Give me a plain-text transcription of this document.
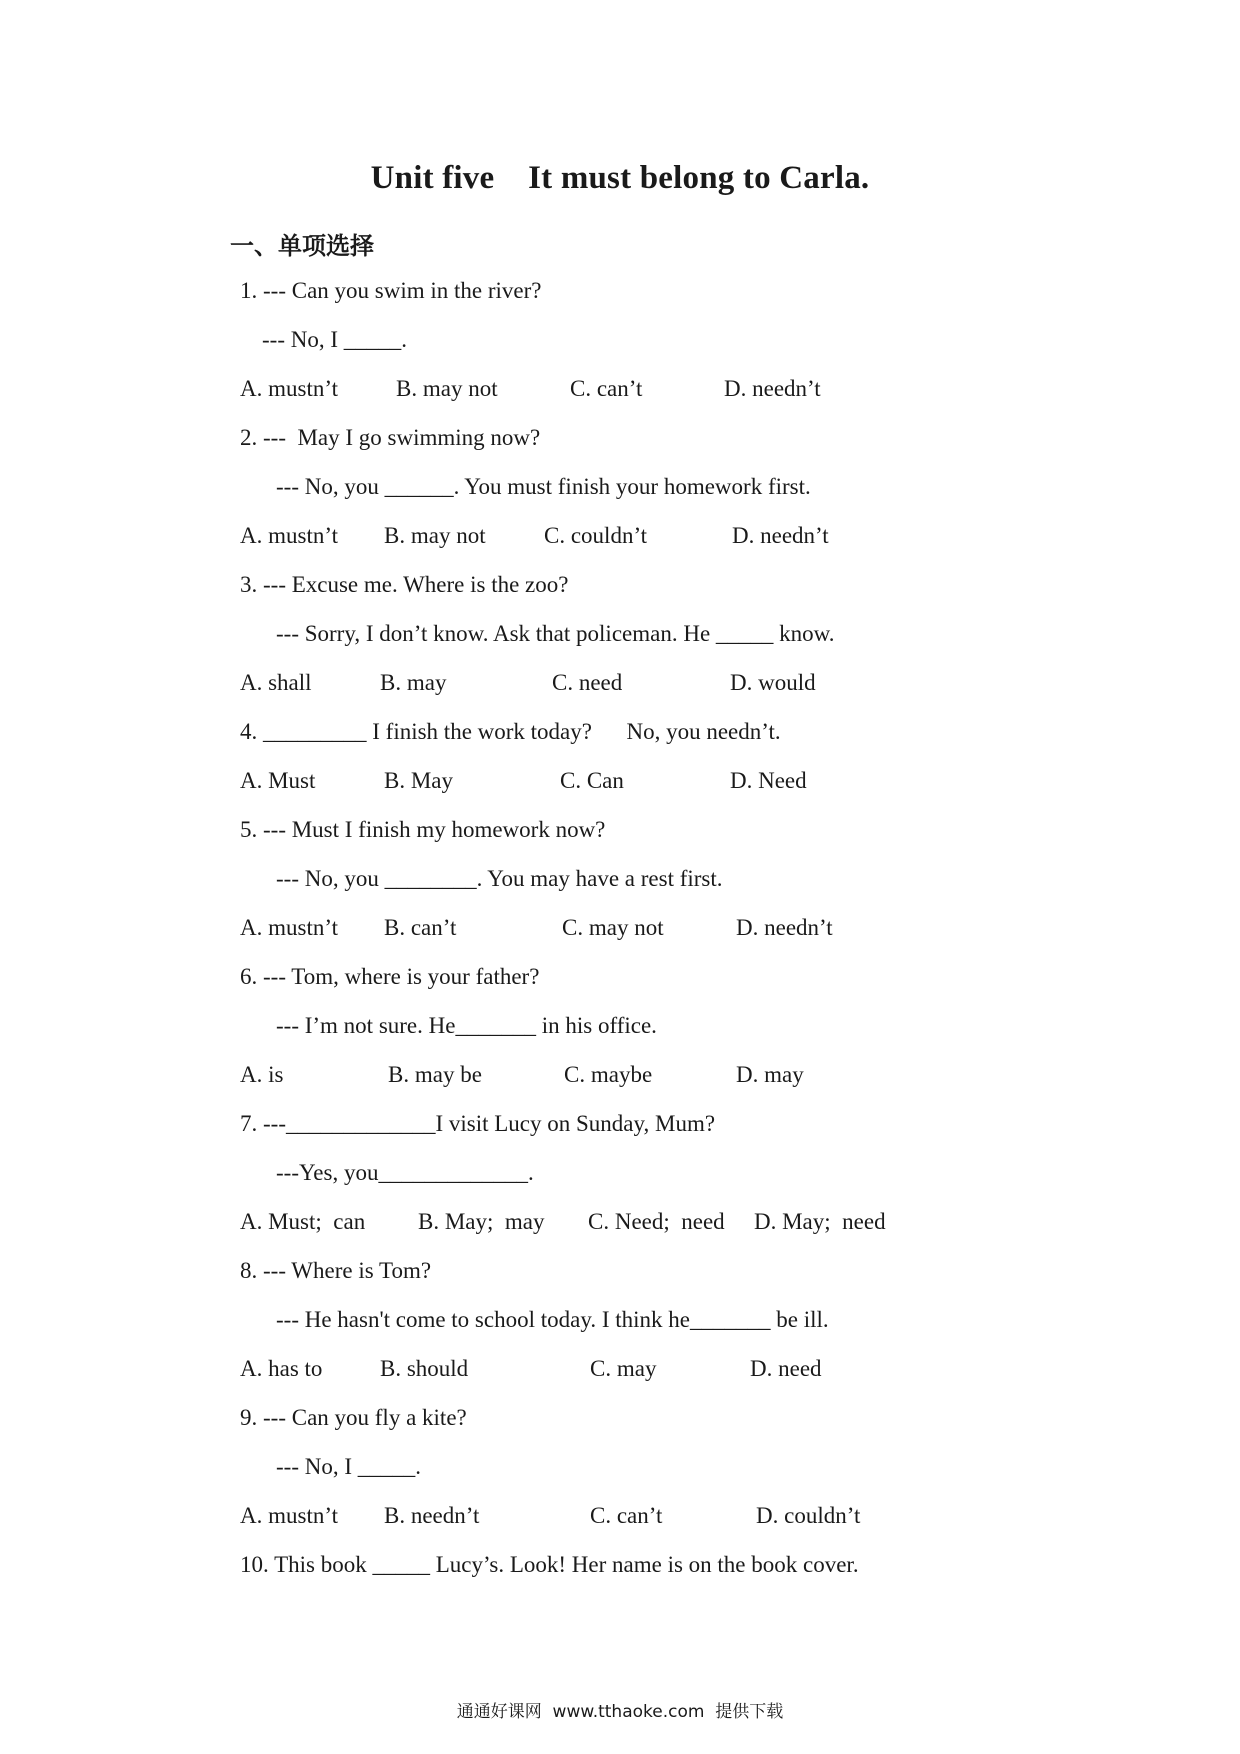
Unit five    It must belong to Carla.
一、单项选择
1. --- Can you swim in the river?
--- No, I _____.
A. mustn’t	B. may not	C. can’t	D. needn’t
2. ---  May I go swimming now?
--- No, you ______. You must finish your homework first.
A. mustn’t B. may not	C. couldn’t	D. needn’t
3. --- Excuse me. Where is the zoo?
--- Sorry, I don’t know. Ask that policeman. He _____ know.
A. shall	B. may	C. need	D. would
4. _________ I finish the work today?      No, you needn’t.
A. Must	B. May	C. Can	D. Need
5. --- Must I finish my homework now?
--- No, you ________. You may have a rest first.
A. mustn’t B. can’t	C. may not	D. needn’t
6. --- Tom, where is your father?
--- I’m not sure. He_______ in his office.
A. is	B. may be	C. maybe	D. may
7. ---_____________I visit Lucy on Sunday, Mum?
---Yes, you_____________.
A. Must;  can B. May;  may C. Need;  need D. May;  need
8. --- Where is Tom?
--- He hasn't come to school today. I think he_______ be ill.
A. has to	B. should	C. may	D. need
9. --- Can you fly a kite?
--- No, I _____.
A. mustn’t B. needn’t	C. can’t	D. couldn’t
10. This book _____ Lucy’s. Look! Her name is on the book cover.
通通好课网  www.tthaoke.com  提供下载
